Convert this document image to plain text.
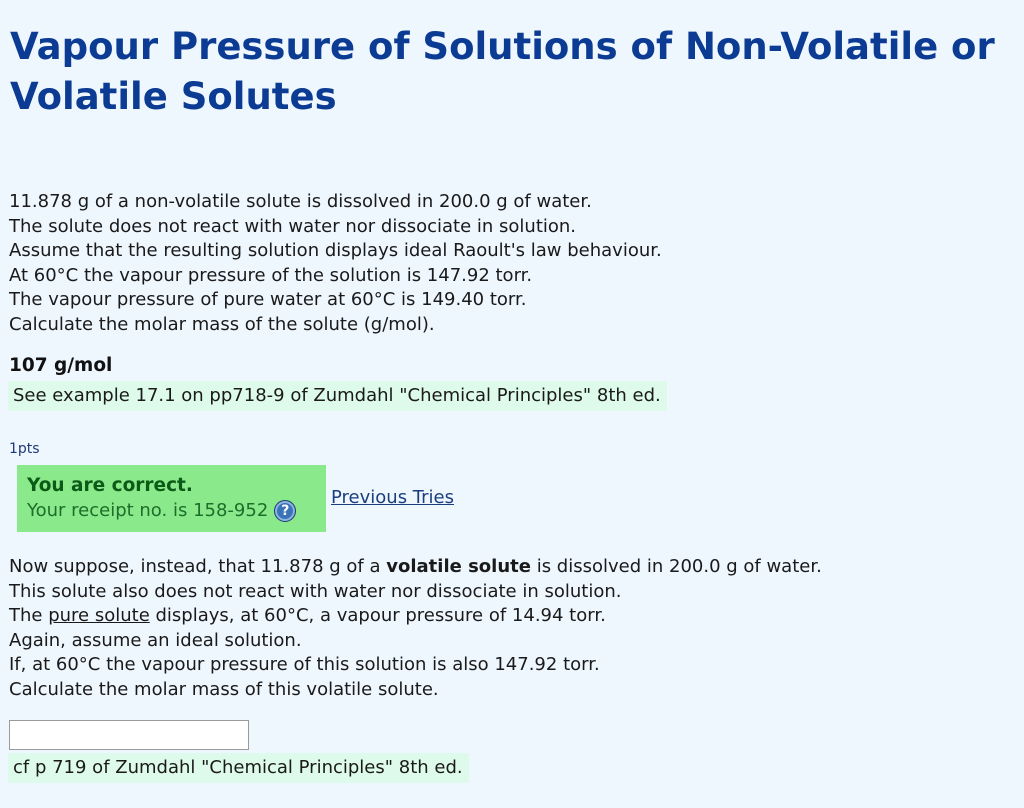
Vapour Pressure of Solutions of Non-Volatile or
Volatile Solutes
11.878 g of a non-volatile solute is dissolved in 200.0 g of water.
The solute does not react with water nor dissociate in solution.
Assume that the resulting solution displays ideal Raoult's law behaviour.
At 60°C the vapour pressure of the solution is 147.92 torr.
The vapour pressure of pure water at 60°C is 149.40 torr.
Calculate the molar mass of the solute (g/mol).
107 g/mol
See example 17.1 on pp718-9 of Zumdahl "Chemical Principles" 8th ed.
1pts
You are correct.
Your receipt no. is
158-952 ?
Previous Tries
Now suppose, instead, that 11.878 g of a volatile solute is dissolved in 200.0 g of water.
This solute also does not react with water nor dissociate in solution.
The pure solute displays, at 60°C, a vapour pressure of 14.94 torr.
Again, assume an ideal solution.
If, at 60°C the vapour pressure of this solution is also 147.92 torr.
Calculate the molar mass of this volatile solute.
cf p 719 of Zumdahl "Chemical Principles" 8th ed.
